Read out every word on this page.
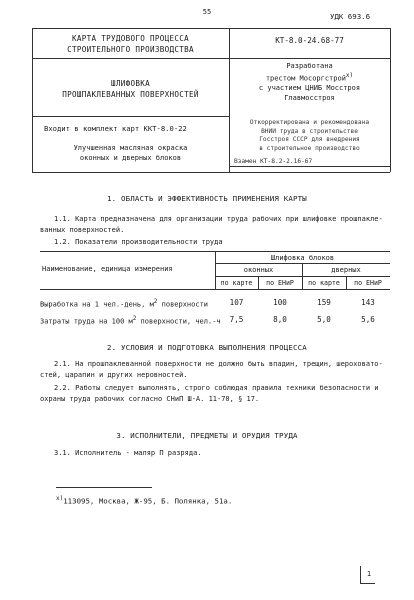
55	УДК 693.6
КАРТА ТРУДОВОГО ПРОЦЕССА
СТРОИТЕЛЬНОГО ПРОИЗВОДСТВА
КТ-8.0-24.68-77
ШЛИФОВКА
ПРОШПАКЛЕВАННЫХ ПОВЕРХНОСТЕЙ
Разработана
трестом Мосоргстрой$^{x)}$
с участием ЦНИБ Мосстроя
Главмосстроя
Входит в комплект карт ККТ-8.0-22
Улучшенная масляная окраска
оконных и дверных блоков
Откорректирована и рекомендована
ВНИИ труда в строительстве
Госстроя СССР для внедрения
в строительное производство
Взамен КТ-8.2-2.16-67
1. ОБЛАСТЬ И ЭФФЕКТИВНОСТЬ ПРИМЕНЕНИЯ КАРТЫ
1.1. Карта предназначена для организации труда рабочих при шлифовке прошпакле-
ванных поверхностей.
1.2. Показатели производительности труда
Наименование, единица измерения
Шлифовка блоков
оконных	дверных
по карте	по ЕНиР	по карте	по ЕНиР
Выработка на 1 чел.-день, $м^2$ поверхности	107	100	159	143
Затраты труда на 100 $м^2$ поверхности, чел.-ч	7,5	8,0	5,0	5,6
2. УСЛОВИЯ И ПОДГОТОВКА ВЫПОЛНЕНИЯ ПРОЦЕССА
2.1. На прошпаклеванной поверхности не должно быть впадин, трещин, шероховато-
стей, царапин и других неровностей.
2.2. Работы следует выполнять, строго соблюдая правила техники безопасности и
охраны труда рабочих согласно СНиП Ш-А. 11-70, § 17.
3. ИСПОЛНИТЕЛИ, ПРЕДМЕТЫ И ОРУДИЯ ТРУДА
3.1. Исполнитель - маляр П разряда.
$^{x)}$113095, Москва, Ж-95, Б. Полянка, 51а.
1
